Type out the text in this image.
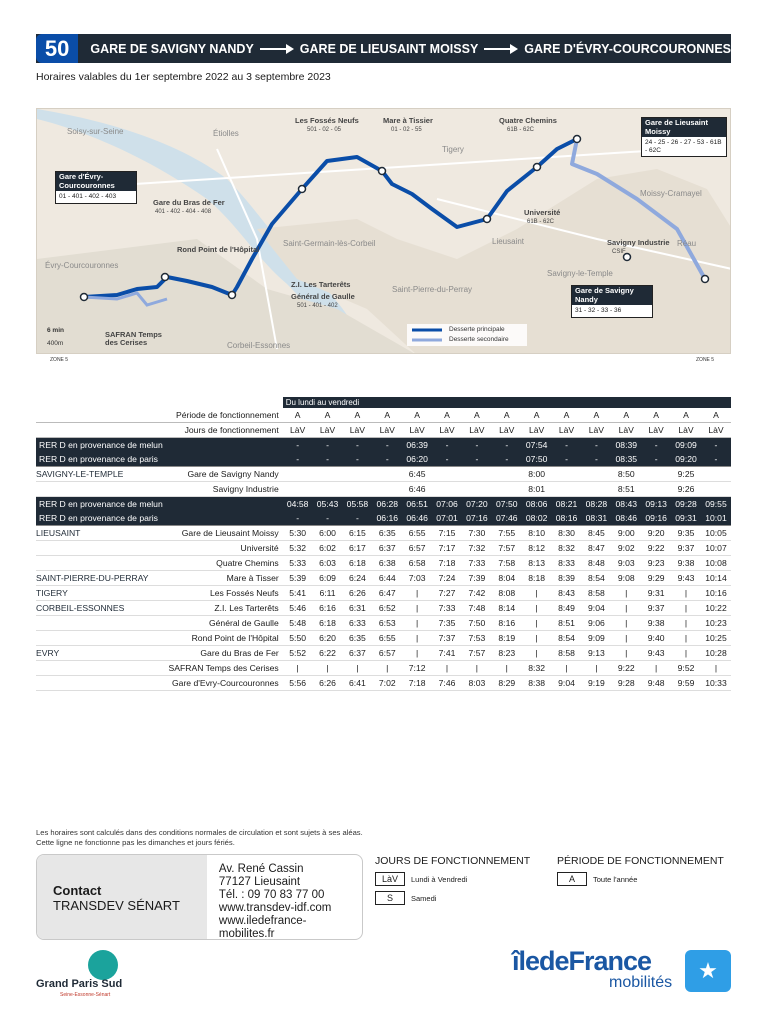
50	GARE DE SAVIGNY NANDY	GARE DE LIEUSAINT MOISSY	GARE D'ÉVRY-COURCOURONNES
Horaires valables du 1er septembre 2022 au 3 septembre 2023
Soisy-sur-Seine	Étiolles
Tigery
Moissy-Cramayel
Saint-Germain-lès-Corbeil	Lieusaint
Évry-Courcouronnes
Savigny-le-Temple
Saint-Pierre-du-Perray
Corbeil-Essonnes
Réau
Les Fossés Neufs
501 - 02 - 05
Mare à Tissier
01 - 02 - 55
Quatre Chemins
61B - 62C
Gare de Lieusaint Moissy
24 - 25 - 26 - 27 - 53 - 61B - 62C
Gare d'Évry-Courcouronnes
01 - 401 - 402 - 403
Gare de Savigny Nandy
31 - 32 - 33 - 36
Gare du Bras de Fer
401 - 402 - 404 - 408
Rond Point de l'Hôpital
Université
61B - 62C
Savigny Industrie
CSIF
Z.I. Les Tarterêts
Général de Gaulle
501 - 401 - 402
SAFRAN Temps des Cerises
Desserte principale
Desserte secondaire
6 min
400m
ZONE 5	ZONE 5
		Du lundi au vendredi														
Période de fonctionnement		A	A	A	A	A	A	A	A	A	A	A	A	A	A	A
Jours de fonctionnement		LàV	LàV	LàV	LàV	LàV	LàV	LàV	LàV	LàV	LàV	LàV	LàV	LàV	LàV	LàV
RER D en provenance de melun		-	-	-	-	06:39	-	-	-	07:54	-	-	08:39	-	09:09	-
RER D en provenance de paris		-	-	-	-	06:20	-	-	-	07:50	-	-	08:35	-	09:20	-
SAVIGNY-LE-TEMPLE	Gare de Savigny Nandy					6:45				8:00			8:50		9:25	
	Savigny Industrie					6:46				8:01			8:51		9:26	
RER D en provenance de melun		04:58	05:43	05:58	06:28	06:51	07:06	07:20	07:50	08:06	08:21	08:28	08:43	09:13	09:28	09:55
RER D en provenance de paris		-	-	-	06:16	06:46	07:01	07:16	07:46	08:02	08:16	08:31	08:46	09:16	09:31	10:01
LIEUSAINT	Gare de Lieusaint Moissy	5:30	6:00	6:15	6:35	6:55	7:15	7:30	7:55	8:10	8:30	8:45	9:00	9:20	9:35	10:05
	Université	5:32	6:02	6:17	6:37	6:57	7:17	7:32	7:57	8:12	8:32	8:47	9:02	9:22	9:37	10:07
	Quatre Chemins	5:33	6:03	6:18	6:38	6:58	7:18	7:33	7:58	8:13	8:33	8:48	9:03	9:23	9:38	10:08
SAINT-PIERRE-DU-PERRAY	Mare à Tisser	5:39	6:09	6:24	6:44	7:03	7:24	7:39	8:04	8:18	8:39	8:54	9:08	9:29	9:43	10:14
TIGERY	Les Fossés Neufs	5:41	6:11	6:26	6:47	|	7:27	7:42	8:08	|	8:43	8:58	|	9:31	|	10:16
CORBEIL-ESSONNES	Z.I. Les Tarterêts	5:46	6:16	6:31	6:52	|	7:33	7:48	8:14	|	8:49	9:04	|	9:37	|	10:22
	Général de Gaulle	5:48	6:18	6:33	6:53	|	7:35	7:50	8:16	|	8:51	9:06	|	9:38	|	10:23
	Rond Point de l'Hôpital	5:50	6:20	6:35	6:55	|	7:37	7:53	8:19	|	8:54	9:09	|	9:40	|	10:25
EVRY	Gare du Bras de Fer	5:52	6:22	6:37	6:57	|	7:41	7:57	8:23	|	8:58	9:13	|	9:43	|	10:28
	SAFRAN Temps des Cerises	|	|	|	|	7:12	|	|	|	8:32	|	|	9:22	|	9:52	|
	Gare d'Evry-Courcouronnes	5:56	6:26	6:41	7:02	7:18	7:46	8:03	8:29	8:38	9:04	9:19	9:28	9:48	9:59	10:33
Les horaires sont calculés dans des conditions normales de circulation et sont sujets à ses aléas.
Cette ligne ne fonctionne pas les dimanches et jours fériés.
Contact
TRANSDEV SÉNART
Av. René Cassin
77127 Lieusaint
Tél. : 09 70 83 77 00
www.transdev-idf.com
www.iledefrance-mobilites.fr
JOURS DE FONCTIONNEMENT
LàV	Lundi à Vendredi
S	Samedi
PÉRIODE DE FONCTIONNEMENT
A	Toute l'année
Grand Paris Sud
Seine-Essonne-Sénart
îledeFrance
mobilités	★
